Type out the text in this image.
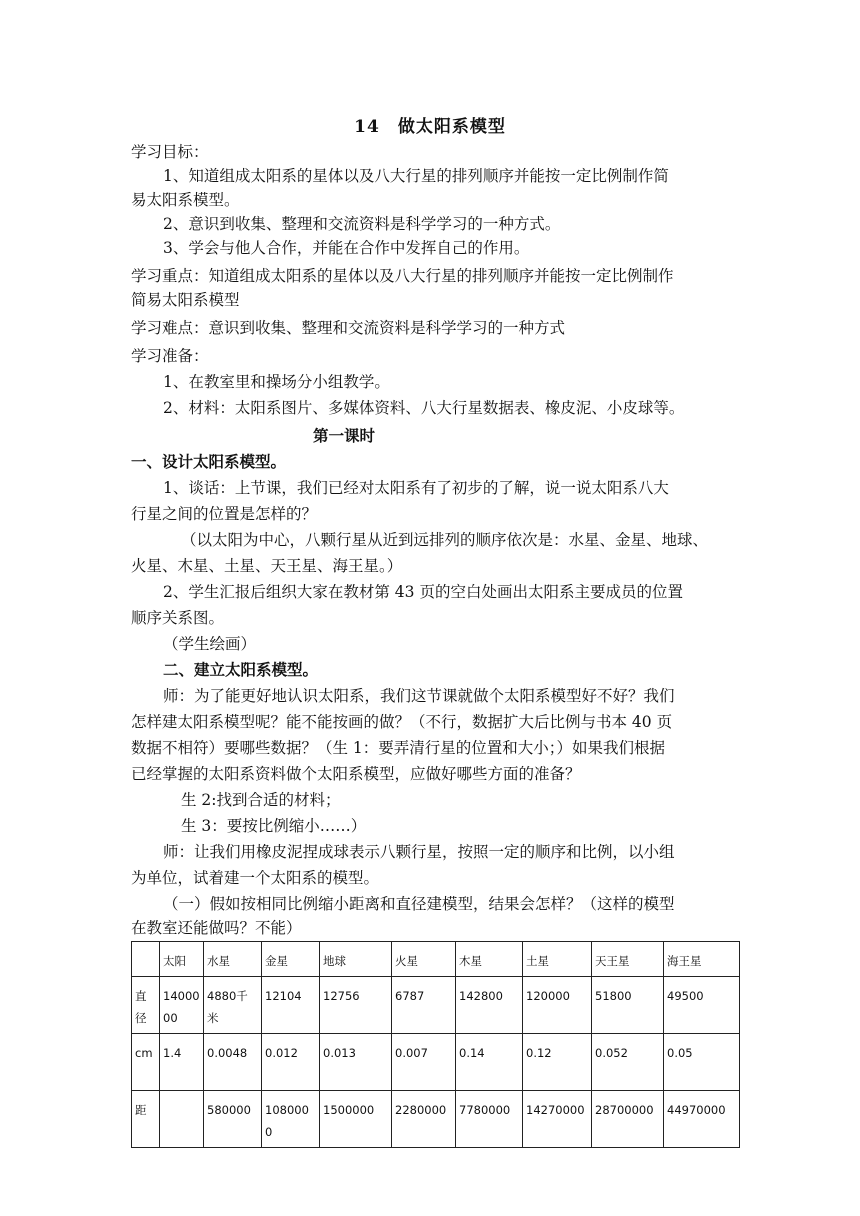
14　做太阳系模型
学习目标：
1、知道组成太阳系的星体以及八大行星的排列顺序并能按一定比例制作简
易太阳系模型。
2、意识到收集、整理和交流资料是科学学习的一种方式。
3、学会与他人合作，并能在合作中发挥自己的作用。
学习重点：知道组成太阳系的星体以及八大行星的排列顺序并能按一定比例制作
简易太阳系模型
学习难点：意识到收集、整理和交流资料是科学学习的一种方式
学习准备：
1、在教室里和操场分小组教学。
2、材料：太阳系图片、多媒体资料、八大行星数据表、橡皮泥、小皮球等。
第一课时
一、设计太阳系模型。
1、谈话：上节课，我们已经对太阳系有了初步的了解，说一说太阳系八大
行星之间的位置是怎样的？
（以太阳为中心，八颗行星从近到远排列的顺序依次是：水星、金星、地球、
火星、木星、土星、天王星、海王星。）
2、学生汇报后组织大家在教材第 43 页的空白处画出太阳系主要成员的位置
顺序关系图。
（学生绘画）
二、建立太阳系模型。
师：为了能更好地认识太阳系，我们这节课就做个太阳系模型好不好？我们
怎样建太阳系模型呢？能不能按画的做？（不行，数据扩大后比例与书本 40 页
数据不相符）要哪些数据？（生 1：要弄清行星的位置和大小；）如果我们根据
已经掌握的太阳系资料做个太阳系模型，应做好哪些方面的准备？
生 2:找到合适的材料；
生 3：要按比例缩小……）
师：让我们用橡皮泥捏成球表示八颗行星，按照一定的顺序和比例，以小组
为单位，试着建一个太阳系的模型。
（一）假如按相同比例缩小距离和直径建模型，结果会怎样？（这样的模型
在教室还能做吗？不能）
	太阳	水星	金星	地球	火星	木星	土星	天王星	海王星
直径	1400000	4880千米	12104	12756	6787	142800	120000	51800	49500
cm	1.4	0.0048	0.012	0.013	0.007	0.14	0.12	0.052	0.05
距		580000	1080000	1500000	2280000	7780000	14270000	28700000	44970000
